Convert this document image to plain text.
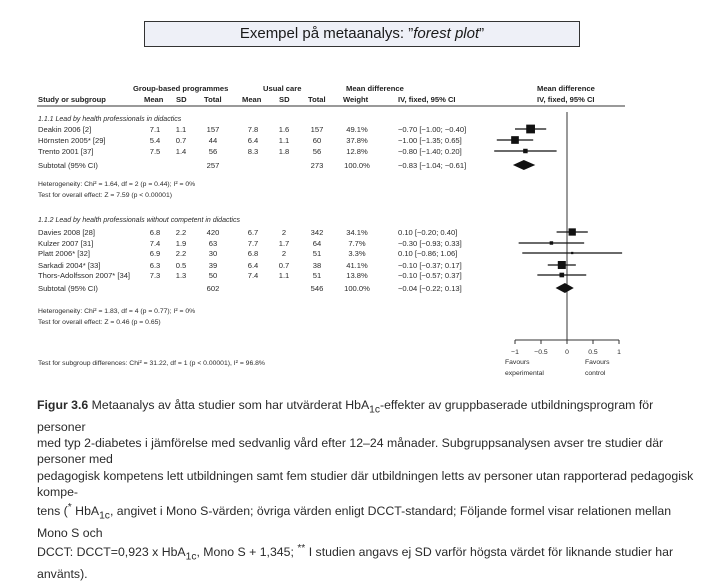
Exempel på metaanalys: ”forest plot”
Group-based programmes	Usual care	Mean difference	Mean difference
Study or subgroup	Mean SD Total	Mean SD Total Weight	IV, fixed, 95% CI	IV, fixed, 95% CI
1.1.1 Lead by health professionals in didactics
Deakin 2006 [2]	7.1 1.1	157	7.8	1.6	157	49.1%	−0.70 [−1.00; −0.40]
Hörnsten 2005* [29]	5.4 0.7	44	6.4	1.1	60	37.8%	−1.00 [−1.35; 0.65]
Trento 2001 [37]	7.5 1.4	56	8.3	1.8	56	12.8%	−0.80 [−1.40; 0.20]
Subtotal (95% CI)	257	273	100.0%	−0.83 [−1.04; −0.61]
Heterogeneity: Chi² = 1.64, df = 2 (p = 0.44); I² = 0%
Test for overall effect: Z = 7.59 (p < 0.00001)
1.1.2 Lead by health professionals without competent in didactics
Davies 2008 [28]	6.8 2.2	420	6.7	2	342	34.1%	0.10 [−0.20; 0.40]
Kulzer 2007 [31]	7.4 1.9	63	7.7	1.7	64	7.7%	−0.30 [−0.93; 0.33]
Platt 2006* [32]	6.9 2.2	30	6.8	2	51	3.3%	0.10 [−0.86; 1.06]
Sarkadi 2004* [33]	6.3 0.5	39	6.4	0.7	38	41.1%	−0.10 [−0.37; 0.17]
Thors-Adolfsson 2007* [34]	7.3 1.3	50	7.4	1.1	51	13.8%	−0.10 [−0.57; 0.37]
Subtotal (95% CI)	602	546	100.0%	−0.04 [−0.22; 0.13]
Heterogeneity: Chi² = 1.83, df = 4 (p = 0.77); I² = 0%
Test for overall effect: Z = 0.46 (p = 0.65)
Test for subgroup differences: Chi² = 31.22, df = 1 (p < 0.00001), I² = 96.8%
−1 −0.5	0	0.5	1
Favours
experimental
Favours
control
Figur 3.6 Metaanalys av åtta studier som har utvärderat HbA$_{1c}$-effekter av gruppbaserade utbildningsprogram för personer
med typ 2-diabetes i jämförelse med sedvanlig vård efter 12–24 månader. Subgruppsanalysen avser tre studier där personer med
pedagogisk kompetens lett utbildningen samt fem studier där utbildningen letts av personer utan rapporterad pedagogisk kompe-
tens (* HbA$_{1c}$, angivet i Mono S-värden; övriga värden enligt DCCT-standard; Följande formel visar relationen mellan Mono S och
DCCT: DCCT=0,923 x HbA$_{1c}$, Mono S + 1,345; ** I studien angavs ej SD varför högsta värdet för liknande studier har använts).
